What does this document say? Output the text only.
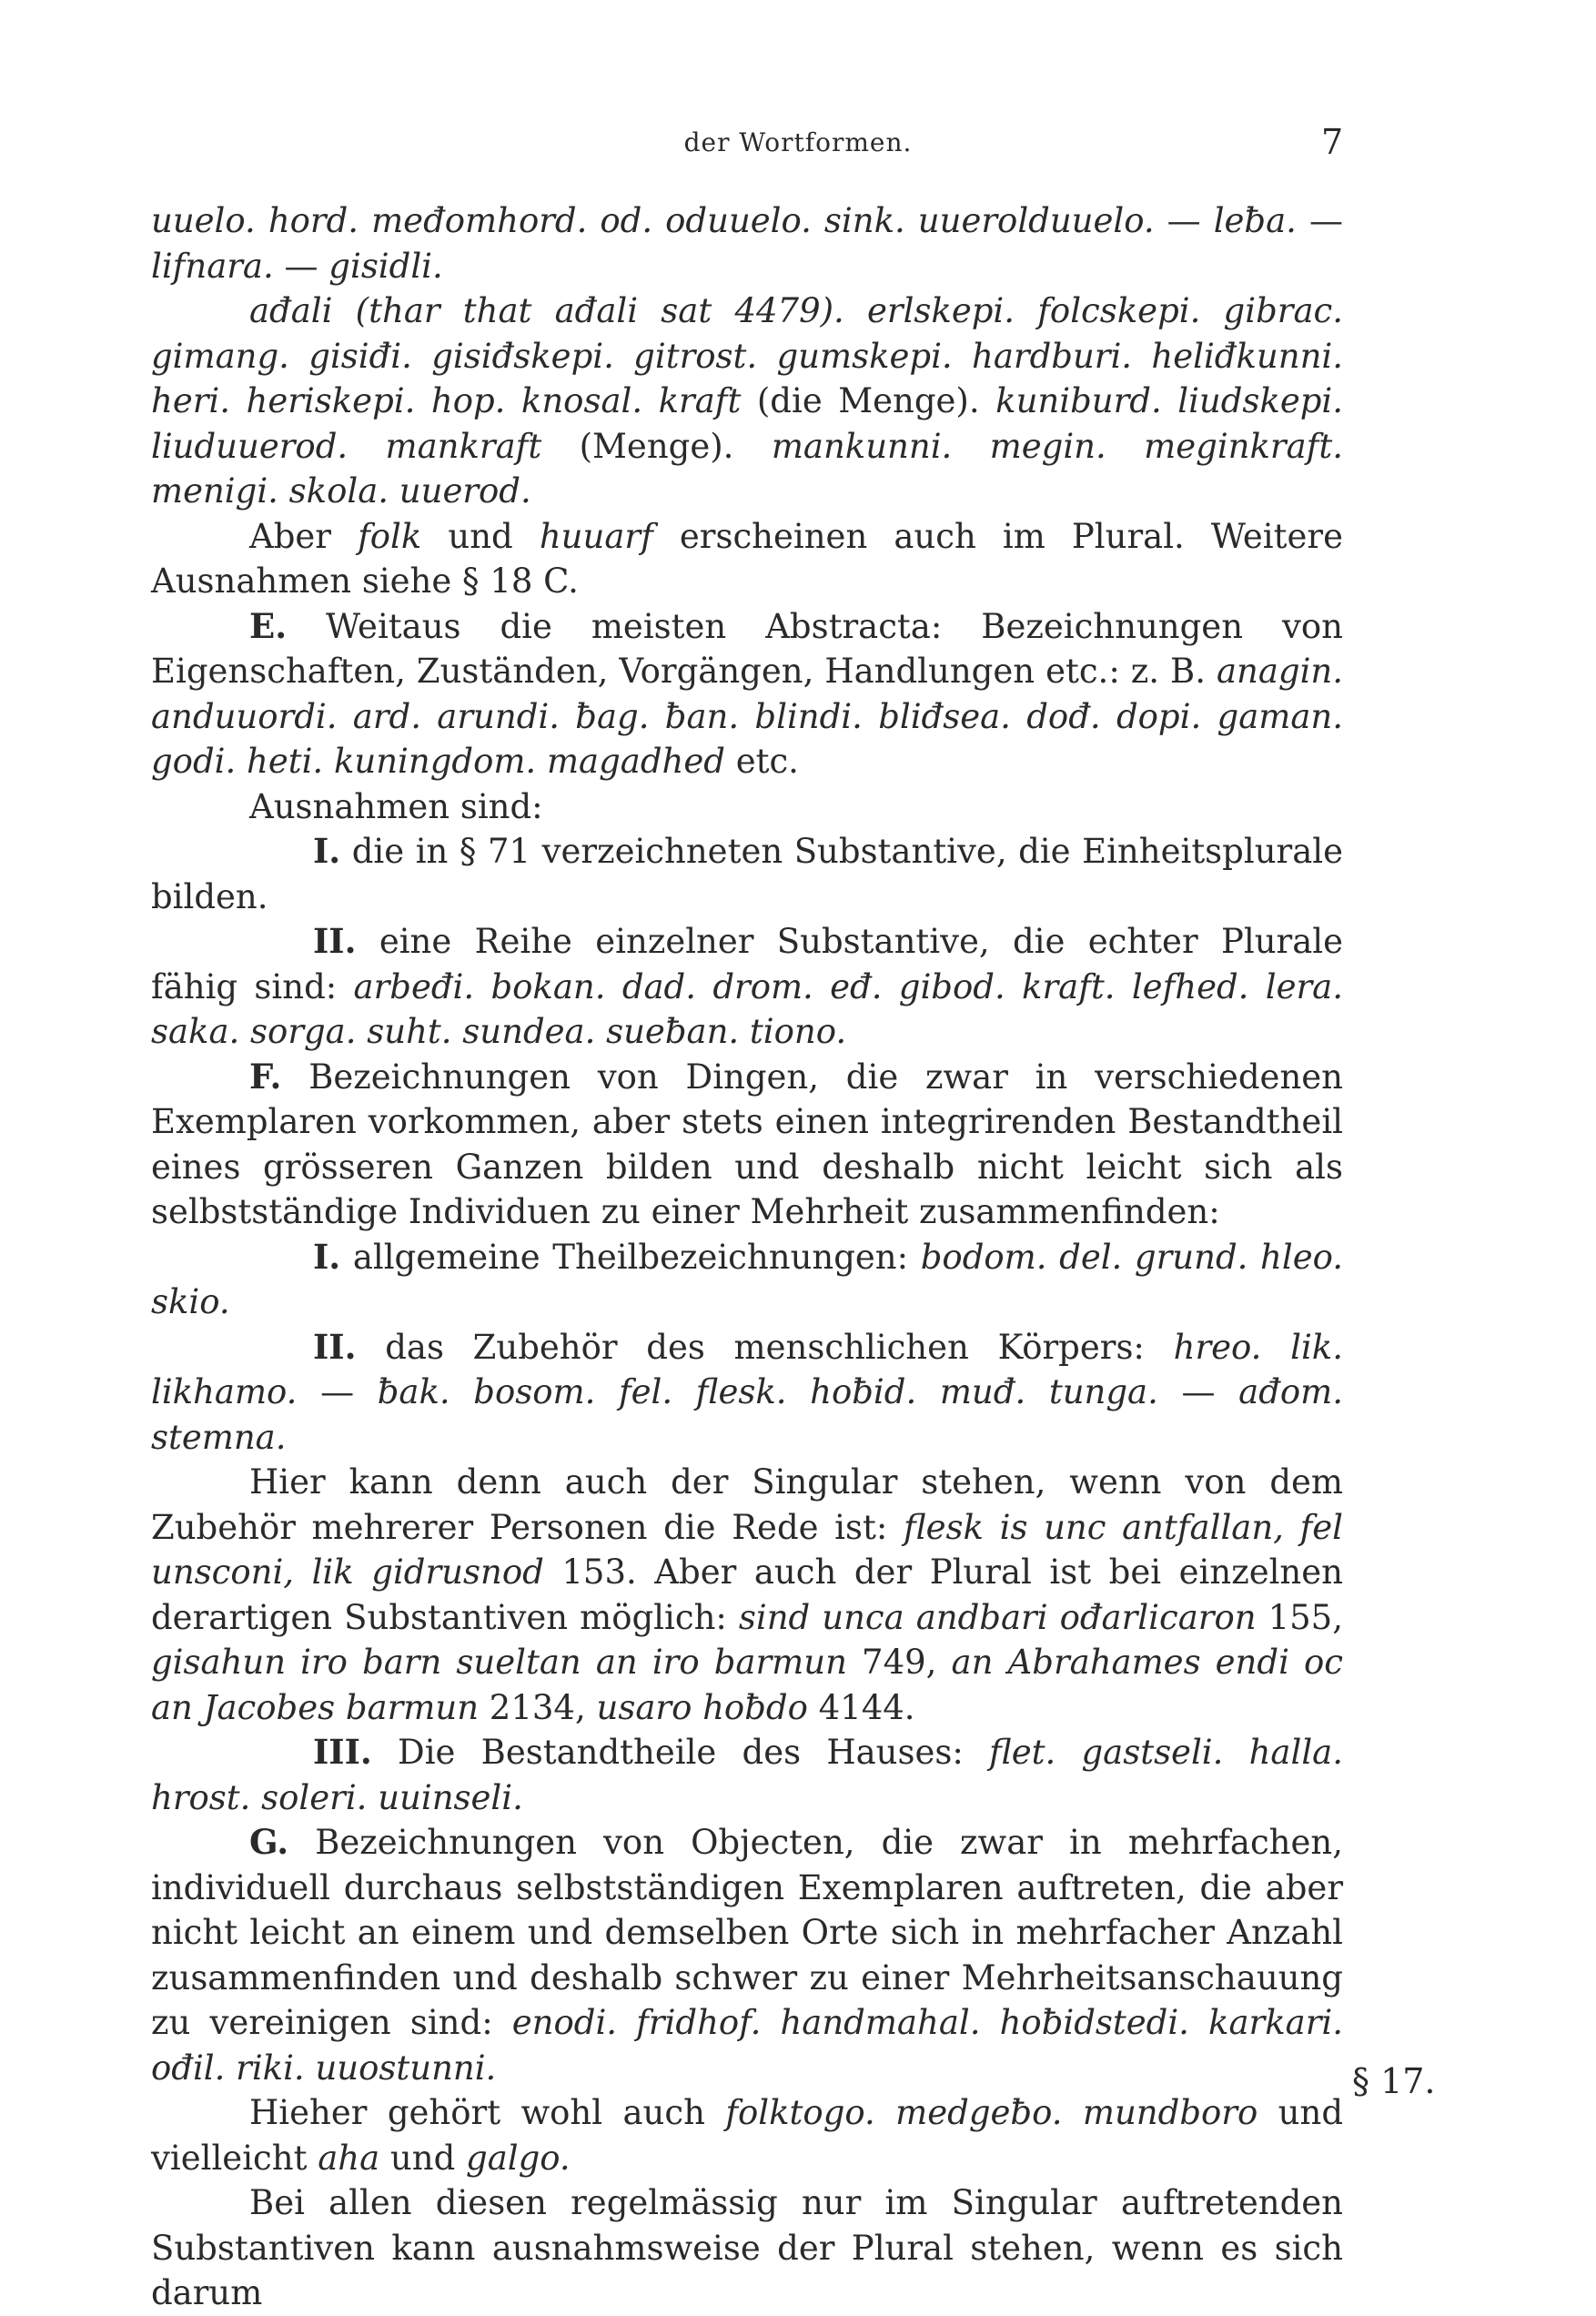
der Wortformen.	7

uuelo. hord. međomhord. od. oduuelo. sink. uueroldu​uelo. — leƀa. — lifnara. — gisidli.

ađali (thar that ađali sat 4479). erlskepi. folcskepi. gibrac. gimang. gisiđi. gisiđskepi. gitrost. gumskepi. hardburi. heliđkunni. heri. heriskepi. hop. knosal. kraft (die Menge). kuniburd. liudskepi. liuduuerod. mankraft (Menge). mankunni. megin. meginkraft. menigi. skola. uuerod.

Aber folk und huuarf erscheinen auch im Plural. Weitere Ausnahmen siehe § 18 C.

E. Weitaus die meisten Abstracta: Bezeichnungen von Eigenschaften, Zuständen, Vorgängen, Handlungen etc.: z. B. anagin. anduuordi. ard. arundi. ƀag. ƀan. blindi. bliđsea. dođ. dopi. gaman. godi. heti. kuningdom. magadhed etc.

Ausnahmen sind:

I. die in § 71 verzeichneten Substantive, die Einheitsplurale bilden.

II. eine Reihe einzelner Substantive, die echter Plurale fähig sind: arbeđi. bokan. dad. drom. eđ. gibod. kraft. lefhed. lera. saka. sorga. suht. sundea. sueƀan. tiono.

F. Bezeichnungen von Dingen, die zwar in verschiedenen Exemplaren vorkommen, aber stets einen integrirenden Bestandtheil eines grösseren Ganzen bilden und deshalb nicht leicht sich als selbstständige Individuen zu einer Mehrheit zusammenfinden:

I. allgemeine Theilbezeichnungen: bodom. del. grund. hleo. skio.

II. das Zubehör des menschlichen Körpers: hreo. lik. likhamo. — ƀak. bosom. fel. flesk. hoƀid. muđ. tunga. — ađom. stemna.

Hier kann denn auch der Singular stehen, wenn von dem Zubehör mehrerer Personen die Rede ist: flesk is unc antfallan, fel unsconi, lik gidrusnod 153. Aber auch der Plural ist bei einzelnen derartigen Substantiven möglich: sind unca andbari ođarlicaron 155, gisahun iro barn sueltan an iro barmun 749, an Abrahames endi oc an Jacobes barmun 2134, usaro hoƀdo 4144.

III. Die Bestandtheile des Hauses: flet. gastseli. halla. hrost. soleri. uuinseli.

G. Bezeichnungen von Objecten, die zwar in mehrfachen, individuell durchaus selbstständigen Exemplaren auftreten, die aber nicht leicht an einem und demselben Orte sich in mehrfacher Anzahl zusammenfinden und deshalb schwer zu einer Mehrheitsanschauung zu vereinigen sind: enodi. fridhof. handmahal. hoƀidstedi. karkari. ođil. riki. uuostunni.

Hieher gehört wohl auch folktogo. medgeƀo. mundboro und vielleicht aha und galgo.

Bei allen diesen regelmässig nur im Singular auftretenden Substantiven kann ausnahmsweise der Plural stehen, wenn es sich darum

§ 17.
